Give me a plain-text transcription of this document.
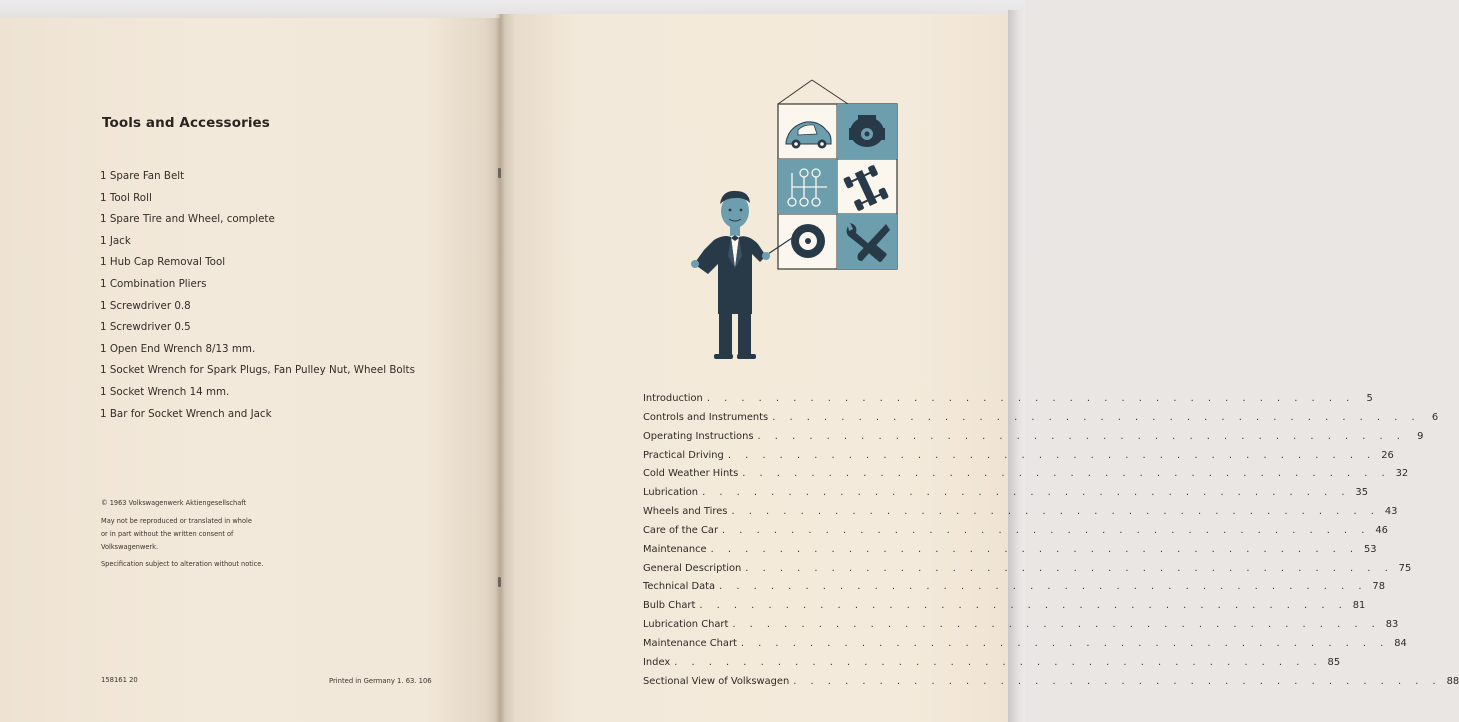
Tools and Accessories
1 Spare Fan Belt
1 Tool Roll
1 Spare Tire and Wheel, complete
1 Jack
1 Hub Cap Removal Tool
1 Combination Pliers
1 Screwdriver 0.8
1 Screwdriver 0.5
1 Open End Wrench 8/13 mm.
1 Socket Wrench for Spark Plugs, Fan Pulley Nut, Wheel Bolts
1 Socket Wrench 14 mm.
1 Bar for Socket Wrench and Jack

© 1963 Volkswagenwerk Aktiengesellschaft

May not be reproduced or translated in whole

or in part without the written consent of

Volkswagenwerk.

Specification subject to alteration without notice.

158161 20	Printed in Germany 1. 63. 106
Introduction . . . . . . . . . . . . . . . . . . . . . . . . . . . . . . . . . . . . . .	5
Controls and Instruments . . . . . . . . . . . . . . . . . . . . . . . . . . . . . . . . . . . . . .	6
Operating Instructions . . . . . . . . . . . . . . . . . . . . . . . . . . . . . . . . . . . . . .	9
Practical Driving . . . . . . . . . . . . . . . . . . . . . . . . . . . . . . . . . . . . . . 26
Cold Weather Hints . . . . . . . . . . . . . . . . . . . . . . . . . . . . . . . . . . . . . . 32
Lubrication . . . . . . . . . . . . . . . . . . . . . . . . . . . . . . . . . . . . . . 35
Wheels and Tires . . . . . . . . . . . . . . . . . . . . . . . . . . . . . . . . . . . . . . 43
Care of the Car . . . . . . . . . . . . . . . . . . . . . . . . . . . . . . . . . . . . . . 46
Maintenance . . . . . . . . . . . . . . . . . . . . . . . . . . . . . . . . . . . . . . 53
General Description . . . . . . . . . . . . . . . . . . . . . . . . . . . . . . . . . . . . . . 75
Technical Data . . . . . . . . . . . . . . . . . . . . . . . . . . . . . . . . . . . . . . 78
Bulb Chart . . . . . . . . . . . . . . . . . . . . . . . . . . . . . . . . . . . . . . 81
Lubrication Chart . . . . . . . . . . . . . . . . . . . . . . . . . . . . . . . . . . . . . . 83
Maintenance Chart . . . . . . . . . . . . . . . . . . . . . . . . . . . . . . . . . . . . . . 84
Index . . . . . . . . . . . . . . . . . . . . . . . . . . . . . . . . . . . . . . 85
Sectional View of Volkswagen . . . . . . . . . . . . . . . . . . . . . . . . . . . . . . . . . . . . . . 88
